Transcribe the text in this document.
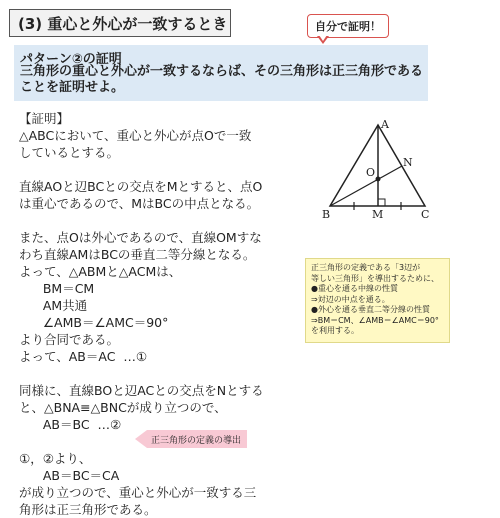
(3) 重心と外心が一致するとき	自分で証明！
パターン②の証明
三角形の重心と外心が一致するならば、その三角形は正三角形であることを証明せよ。

【証明】

△ABCにおいて、重心と外心が点Oで一致

しているとする。

直線AOと辺BCとの交点をMとすると、点O

は重心であるので、MはBCの中点となる。

また、点Oは外心であるので、直線OMすな

わち直線AMはBCの垂直二等分線となる。

よって、△ABMと△ACMは、

BM＝CM

AM共通

∠AMB＝∠AMC＝90°

より合同である。

よって、AB＝AC  …①

同様に、直線BOと辺ACとの交点をNとする

と、△BNA≡△BNCが成り立つので、

AB＝BC  …②

①，②より、

AB＝BC＝CA

が成り立つので、重心と外心が一致する三

角形は正三角形である。

A
B	C
M
N
O
正三角形の定義である「3辺が
等しい三角形」を導出するために、
●重心を通る中線の性質
⇒対辺の中点を通る。
●外心を通る垂直二等分線の性質
⇒BM＝CM、∠AMB＝∠AMC＝90°
を利用する。
正三角形の定義の導出
